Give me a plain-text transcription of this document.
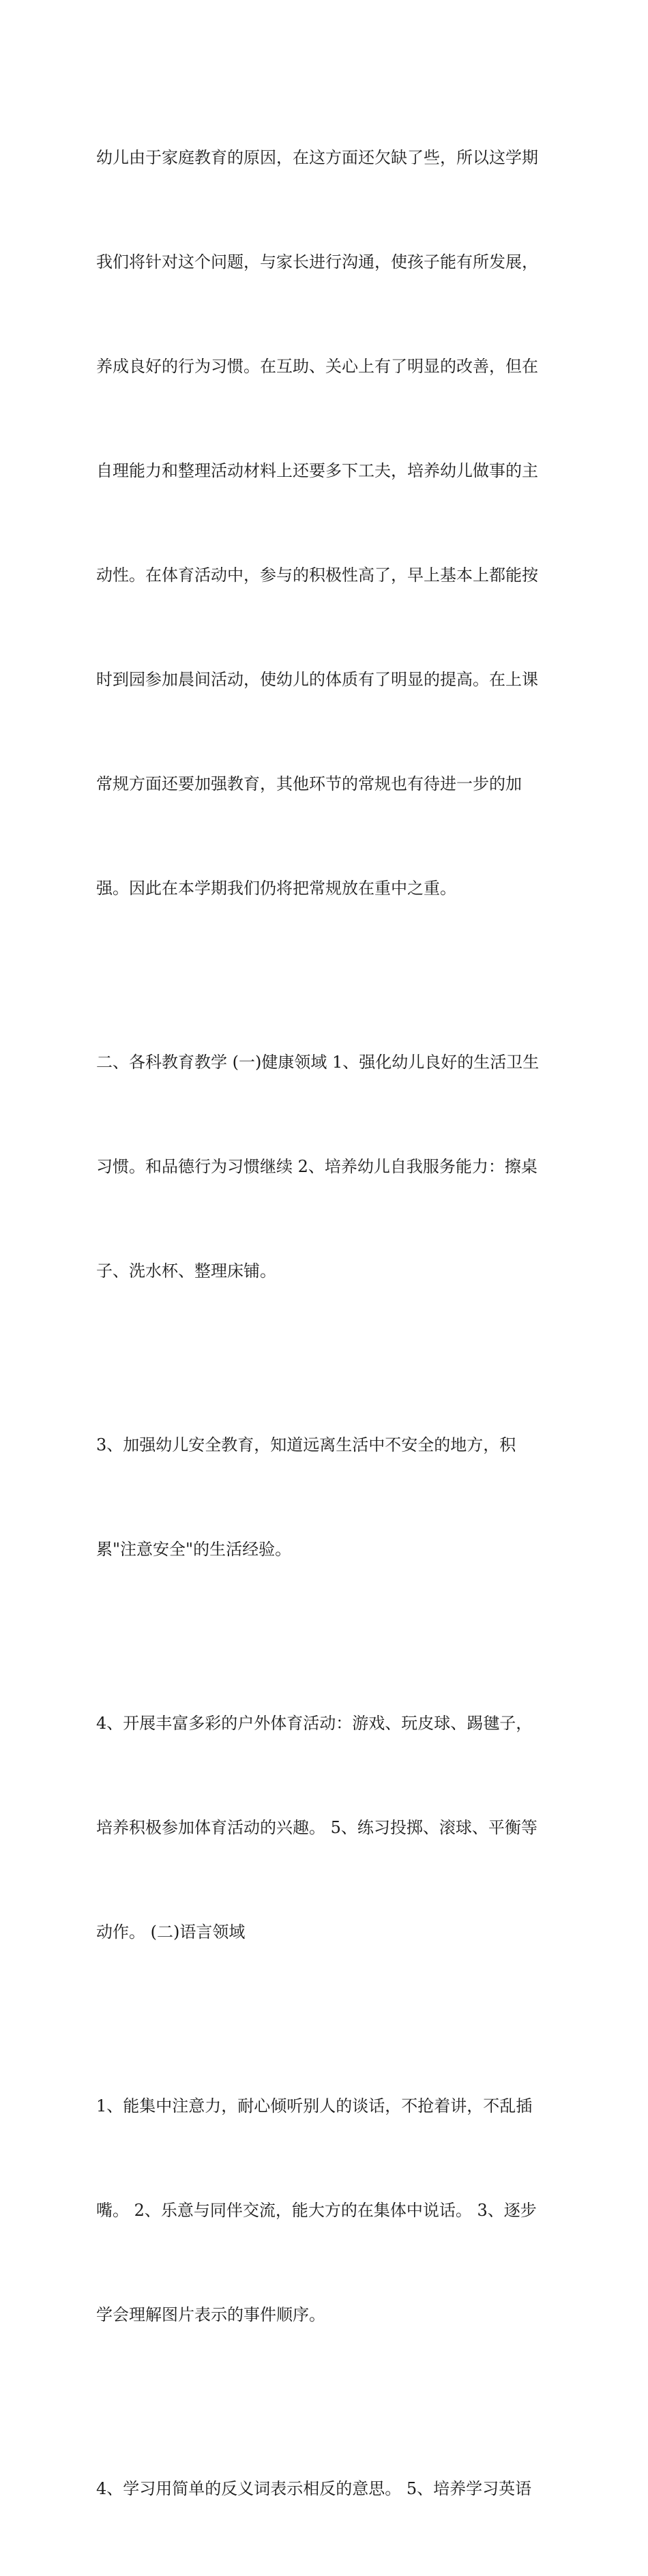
幼儿由于家庭教育的原因，在这方面还欠缺了些，所以这学期

我们将针对这个问题，与家长进行沟通，使孩子能有所发展，

养成良好的行为习惯。在互助、关心上有了明显的改善，但在

自理能力和整理活动材料上还要多下工夫，培养幼儿做事的主

动性。在体育活动中，参与的积极性高了，早上基本上都能按

时到园参加晨间活动，使幼儿的体质有了明显的提高。在上课

常规方面还要加强教育，其他环节的常规也有待进一步的加

强。因此在本学期我们仍将把常规放在重中之重。

二、各科教育教学 (一)健康领域 1、强化幼儿良好的生活卫生

习惯。和品德行为习惯继续 2、培养幼儿自我服务能力：擦桌

子、洗水杯、整理床铺。

3、加强幼儿安全教育，知道远离生活中不安全的地方，积

累"注意安全"的生活经验。

4、开展丰富多彩的户外体育活动：游戏、玩皮球、踢毽子，

培养积极参加体育活动的兴趣。 5、练习投掷、滚球、平衡等

动作。 (二)语言领域

1、能集中注意力，耐心倾听别人的谈话，不抢着讲，不乱插

嘴。 2、乐意与同伴交流，能大方的在集体中说话。 3、逐步

学会理解图片表示的事件顺序。

4、学习用简单的反义词表示相反的意思。 5、培养学习英语
